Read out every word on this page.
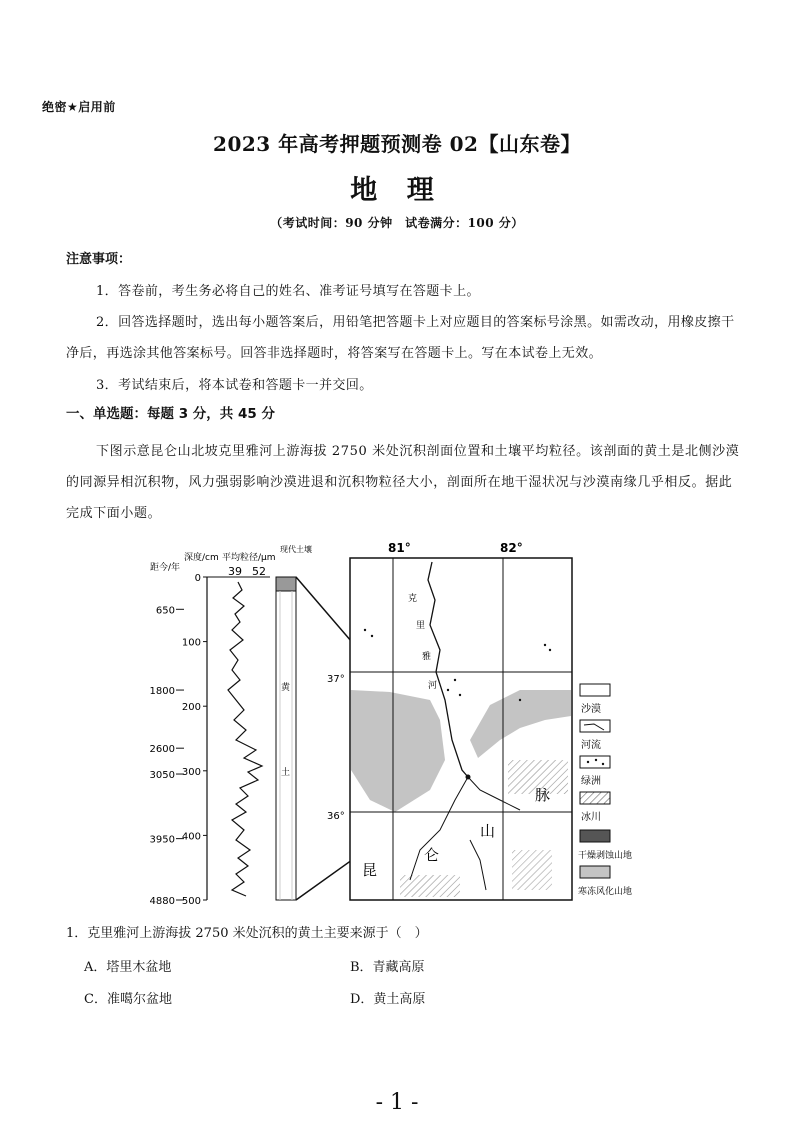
绝密★启用前
2023 年高考押题预测卷 02【山东卷】
地 理
（考试时间：90 分钟　试卷满分：100 分）
注意事项：
1．答卷前，考生务必将自己的姓名、准考证号填写在答题卡上。
2．回答选择题时，选出每小题答案后，用铅笔把答题卡上对应题目的答案标号涂黑。如需改动，用橡皮擦干净后，再选涂其他答案标号。回答非选择题时，将答案写在答题卡上。写在本试卷上无效。
3．考试结束后，将本试卷和答题卡一并交回。
一、单选题：每题 3 分，共 45 分
下图示意昆仑山北坡克里雅河上游海拔 2750 米处沉积剖面位置和土壤平均粒径。该剖面的黄土是北侧沙漠的同源异相沉积物，风力强弱影响沙漠进退和沉积物粒径大小，剖面所在地干湿状况与沙漠南缘几乎相反。据此完成下面小题。
距今/年
深度/cm 平均粒径/μm
39 52
现代土壤
0
100
200
300
400
500
650
1800
2600
3050
3950
4880
黄
土
81°	82°
37°
36°
克
里
雅
河
昆
仑
山
脉
沙漠
河流
绿洲
冰川
干燥剥蚀山地
寒冻风化山地
1．克里雅河上游海拔 2750 米处沉积的黄土主要来源于（　）
A．塔里木盆地	B．青藏高原
C．准噶尔盆地	D．黄土高原
- 1 -
